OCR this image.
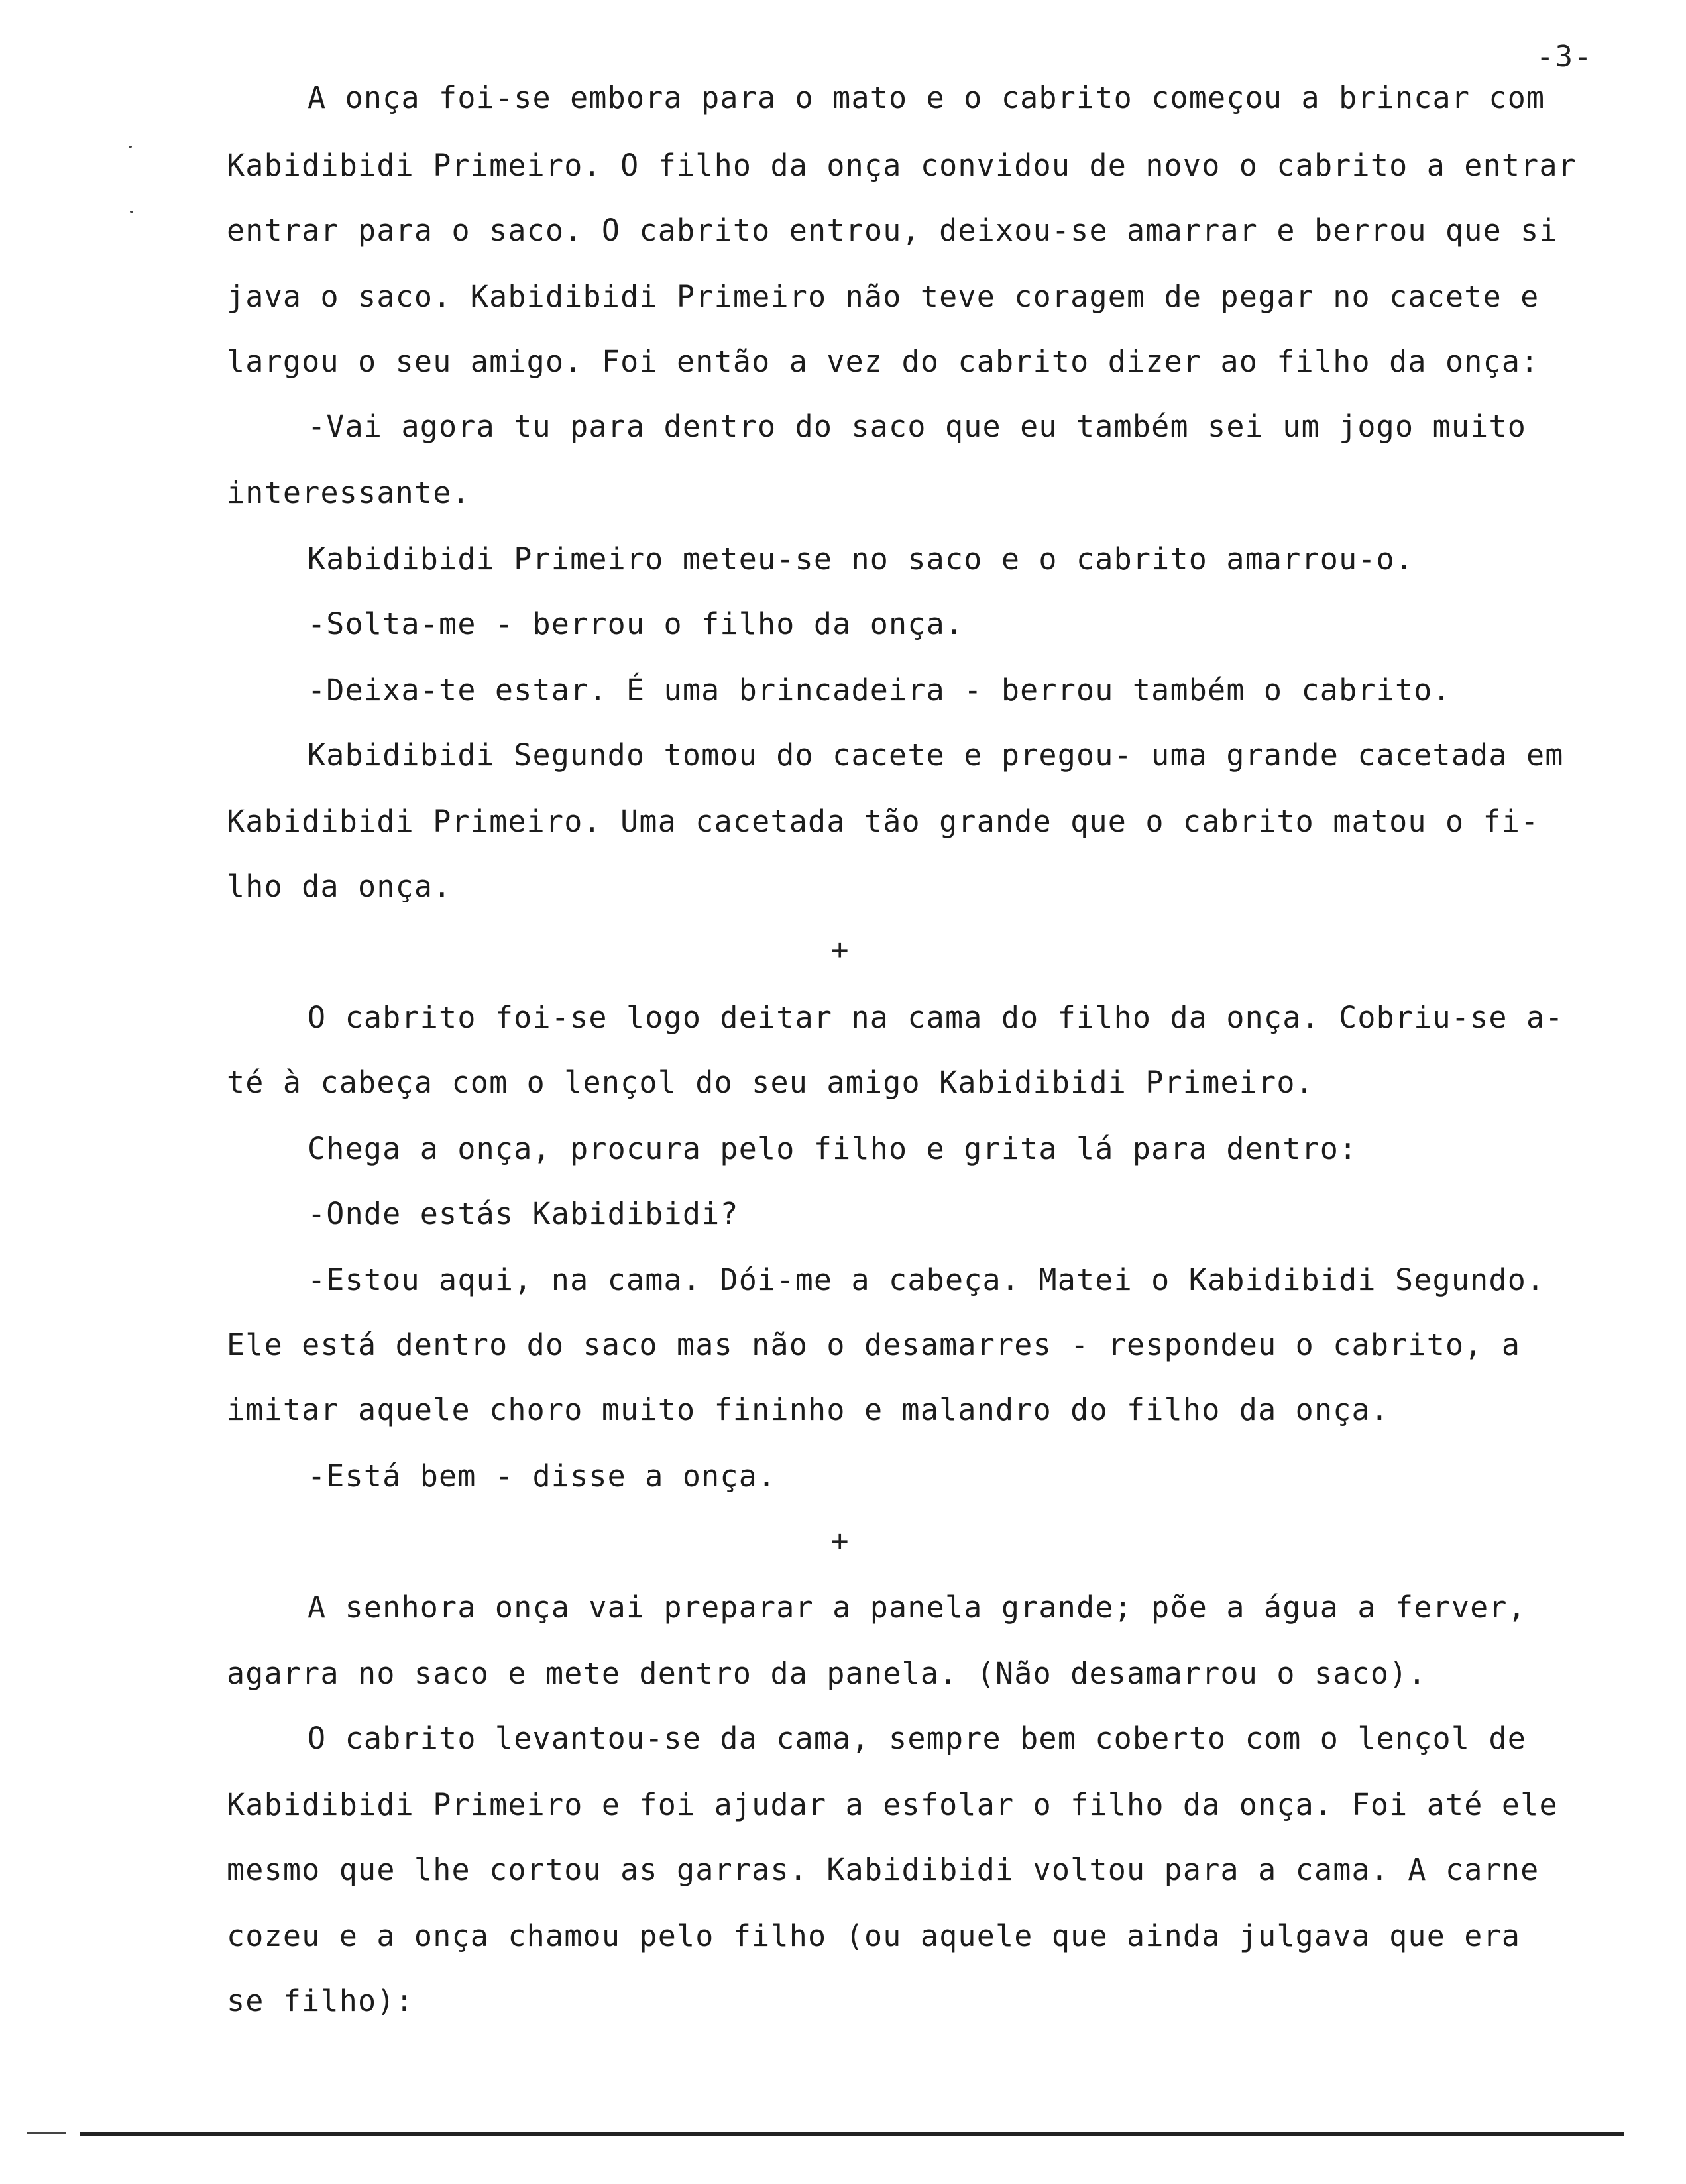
-3-
A onça foi-se embora para o mato e o cabrito começou a brincar com
Kabidibidi Primeiro. O filho da onça convidou de novo o cabrito a entrar
entrar para o saco. O cabrito entrou, deixou-se amarrar e berrou que si
java o saco. Kabidibidi Primeiro não teve coragem de pegar no cacete e
largou o seu amigo. Foi então a vez do cabrito dizer ao filho da onça:
-Vai agora tu para dentro do saco que eu também sei um jogo muito
interessante.
Kabidibidi Primeiro meteu-se no saco e o cabrito amarrou-o.
-Solta-me - berrou o filho da onça.
-Deixa-te estar. É uma brincadeira - berrou também o cabrito.
Kabidibidi Segundo tomou do cacete e pregou- uma grande cacetada em
Kabidibidi Primeiro. Uma cacetada tão grande que o cabrito matou o fi-
lho da onça.
+
O cabrito foi-se logo deitar na cama do filho da onça. Cobriu-se a-
té à cabeça com o lençol do seu amigo Kabidibidi Primeiro.
Chega a onça, procura pelo filho e grita lá para dentro:
-Onde estás Kabidibidi?
-Estou aqui, na cama. Dói-me a cabeça. Matei o Kabidibidi Segundo.
Ele está dentro do saco mas não o desamarres - respondeu o cabrito, a
imitar aquele choro muito fininho e malandro do filho da onça.
-Está bem - disse a onça.
+
A senhora onça vai preparar a panela grande; põe a água a ferver,
agarra no saco e mete dentro da panela. (Não desamarrou o saco).
O cabrito levantou-se da cama, sempre bem coberto com o lençol de
Kabidibidi Primeiro e foi ajudar a esfolar o filho da onça. Foi até ele
mesmo que lhe cortou as garras. Kabidibidi voltou para a cama. A carne
cozeu e a onça chamou pelo filho (ou aquele que ainda julgava que era
se filho):
